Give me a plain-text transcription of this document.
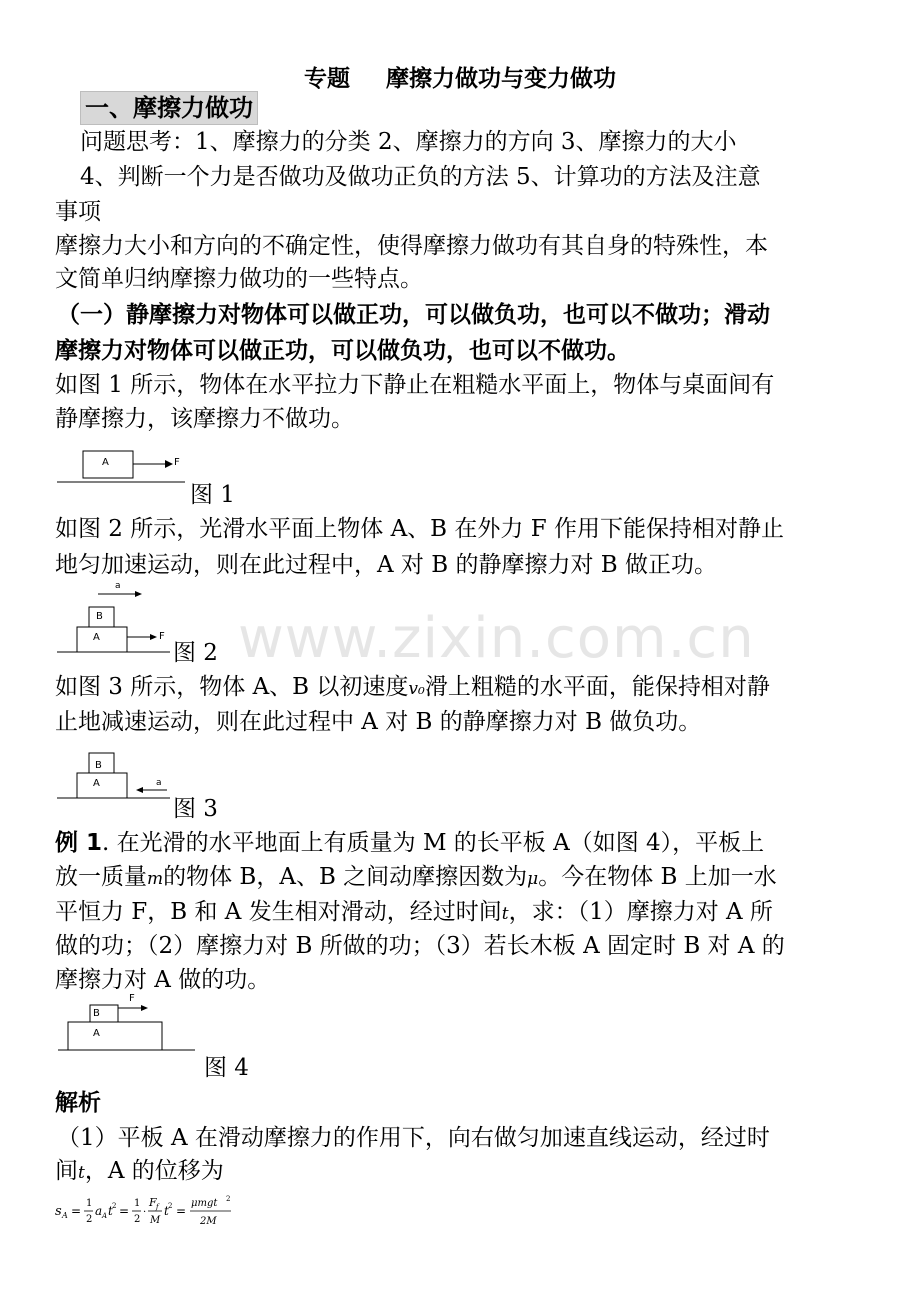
www.zixin.com.cn
专题 摩擦力做功与变力做功
一、摩擦力做功
问题思考：1、摩擦力的分类 2、摩擦力的方向 3、摩擦力的大小
4、判断一个力是否做功及做功正负的方法 5、计算功的方法及注意
事项
摩擦力大小和方向的不确定性，使得摩擦力做功有其自身的特殊性，本
文简单归纳摩擦力做功的一些特点。
（一）静摩擦力对物体可以做正功，可以做负功，也可以不做功；滑动
摩擦力对物体可以做正功，可以做负功，也可以不做功。
如图 1 所示，物体在水平拉力下静止在粗糙水平面上，物体与桌面间有
静摩擦力，该摩擦力不做功。
A	F
图 1
如图 2 所示，光滑水平面上物体 A、B 在外力 F 作用下能保持相对静止
地匀加速运动，则在此过程中，A 对 B 的静摩擦力对 B 做正功。
a
B
A	F
图 2
如图 3 所示，物体 A、B 以初速度v₀滑上粗糙的水平面，能保持相对静
止地减速运动，则在此过程中 A 对 B 的静摩擦力对 B 做负功。
B
A	a
图 3
例 1. 在光滑的水平地面上有质量为 M 的长平板 A（如图 4），平板上
放一质量m的物体 B，A、B 之间动摩擦因数为μ。今在物体 B 上加一水
平恒力 F，B 和 A 发生相对滑动，经过时间t，求：（1）摩擦力对 A 所
做的功；（2）摩擦力对 B 所做的功；（3）若长木板 A 固定时 B 对 A 的
摩擦力对 A 做的功。
B
F
A
图 4
解析
（1）平板 A 在滑动摩擦力的作用下，向右做匀加速直线运动，经过时
间t，A 的位移为
s A =
1
2
a A t 2 =
1
2
·
F f
M
t 2 =
μmgt 2
2M
